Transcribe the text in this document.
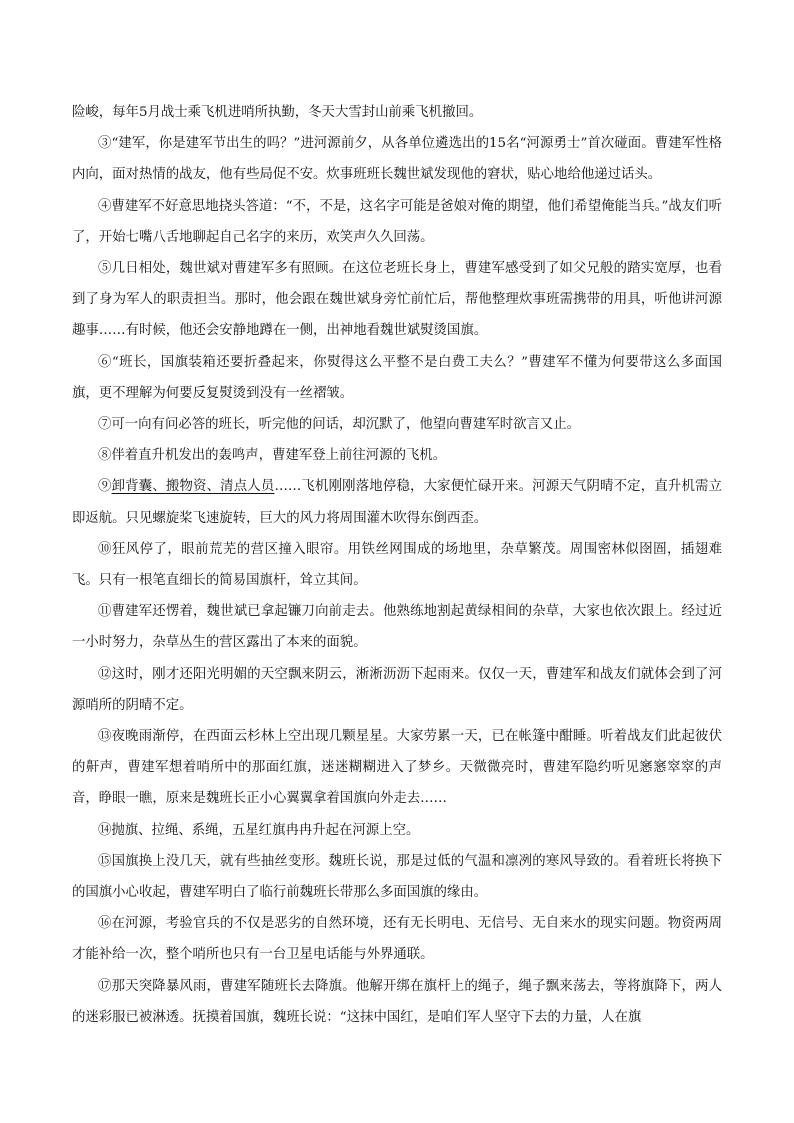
险峻，每年5月战士乘飞机进哨所执勤，冬天大雪封山前乘飞机撤回。

③“建军，你是建军节出生的吗？”进河源前夕，从各单位遴选出的15名“河源勇士”首次碰面。曹建军性格内向，面对热情的战友，他有些局促不安。炊事班班长魏世斌发现他的窘状，贴心地给他递过话头。

④曹建军不好意思地挠头答道：“不，不是，这名字可能是爸娘对俺的期望，他们希望俺能当兵。”战友们听了，开始七嘴八舌地聊起自己名字的来历，欢笑声久久回荡。

⑤几日相处，魏世斌对曹建军多有照顾。在这位老班长身上，曹建军感受到了如父兄般的踏实宽厚，也看到了身为军人的职责担当。那时，他会跟在魏世斌身旁忙前忙后，帮他整理炊事班需携带的用具，听他讲河源趣事……有时候，他还会安静地蹲在一侧，出神地看魏世斌熨烫国旗。

⑥“班长，国旗装箱还要折叠起来，你熨得这么平整不是白费工夫么？”曹建军不懂为何要带这么多面国旗，更不理解为何要反复熨烫到没有一丝褶皱。

⑦可一向有问必答的班长，听完他的问话，却沉默了，他望向曹建军时欲言又止。

⑧伴着直升机发出的轰鸣声，曹建军登上前往河源的飞机。

⑨卸背囊、搬物资、清点人员……飞机刚刚落地停稳，大家便忙碌开来。河源天气阴晴不定，直升机需立即返航。只见螺旋桨飞速旋转，巨大的风力将周围灌木吹得东倒西歪。

⑩狂风停了，眼前荒芜的营区撞入眼帘。用铁丝网围成的场地里，杂草繁茂。周围密林似囹圄，插翅难飞。只有一根笔直细长的简易国旗杆，耸立其间。

⑪曹建军还愣着，魏世斌已拿起镰刀向前走去。他熟练地割起黄绿相间的杂草，大家也依次跟上。经过近一小时努力，杂草丛生的营区露出了本来的面貌。

⑫这时，刚才还阳光明媚的天空飘来阴云，淅淅沥沥下起雨来。仅仅一天，曹建军和战友们就体会到了河源哨所的阴晴不定。

⑬夜晚雨渐停，在西面云杉林上空出现几颗星星。大家劳累一天，已在帐篷中酣睡。听着战友们此起彼伏的鼾声，曹建军想着哨所中的那面红旗，迷迷糊糊进入了梦乡。天微微亮时，曹建军隐约听见窸窸窣窣的声音，睁眼一瞧，原来是魏班长正小心翼翼拿着国旗向外走去……

⑭抛旗、拉绳、系绳，五星红旗冉冉升起在河源上空。

⑮国旗换上没几天，就有些抽丝变形。魏班长说，那是过低的气温和凛冽的寒风导致的。看着班长将换下的国旗小心收起，曹建军明白了临行前魏班长带那么多面国旗的缘由。

⑯在河源，考验官兵的不仅是恶劣的自然环境，还有无长明电、无信号、无自来水的现实问题。物资两周才能补给一次，整个哨所也只有一台卫星电话能与外界通联。

⑰那天突降暴风雨，曹建军随班长去降旗。他解开绑在旗杆上的绳子，绳子飘来荡去，等将旗降下，两人的迷彩服已被淋透。抚摸着国旗，魏班长说：“这抹中国红，是咱们军人坚守下去的力量，人在旗
